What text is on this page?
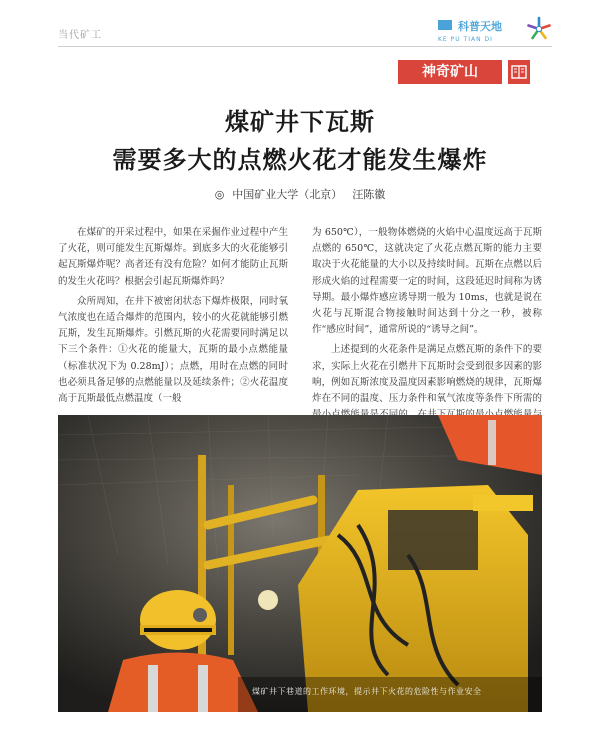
当代矿工
科普天地
KE PU TIAN DI
神奇矿山
煤矿井下瓦斯
需要多大的点燃火花才能发生爆炸
◎ 中国矿业大学（北京） 汪陈徽

在煤矿的开采过程中，如果在采掘作业过程中产生了火花，则可能发生瓦斯爆炸。到底多大的火花能够引起瓦斯爆炸呢？高者还有没有危险？如何才能防止瓦斯的发生火花吗？根据会引起瓦斯爆炸吗？

众所周知，在井下被密闭状态下爆炸极限，同时氧气浓度也在适合爆炸的范围内，较小的火花就能够引燃瓦斯，发生瓦斯爆炸。引燃瓦斯的火花需要同时满足以下三个条件：①火花的能量大，瓦斯的最小点燃能量（标准状况下为 0.28mJ）；点燃，用时在点燃的同时也必须具备足够的点燃能量以及延续条件；②火花温度高于瓦斯最低点燃温度（一般

为 650℃），一般物体燃烧的火焰中心温度远高于瓦斯点燃的 650℃，这就决定了火花点燃瓦斯的能力主要取决于火花能量的大小以及持续时间。瓦斯在点燃以后形成火焰的过程需要一定的时间，这段延迟时间称为诱导期。最小爆炸感应诱导期一般为 10ms，也就是说在火花与瓦斯混合物接触时间达到十分之一秒，被称作“感应时间”，通常所说的“诱导之间”。

上述提到的火花条件是满足点燃瓦斯的条件下的要求，实际上火花在引燃井下瓦斯时会受到很多因素的影响，例如瓦斯浓度及温度因素影响燃烧的规律，瓦斯爆炸在不同的温度、压力条件和氧气浓度等条件下所需的

煤矿井下巷道的工作环境，提示井下火花的危险性与作业安全
